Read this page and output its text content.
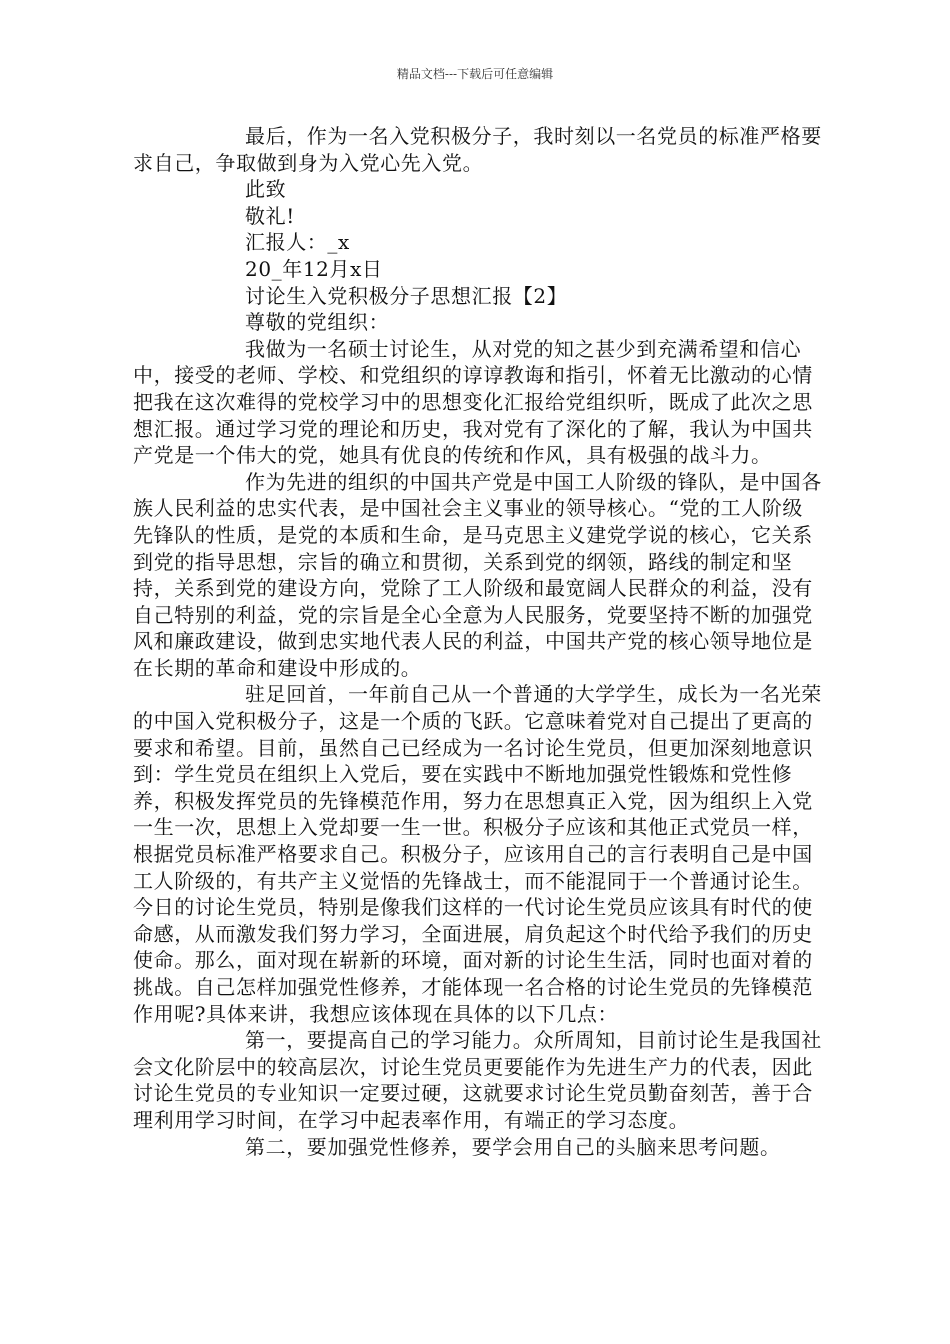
精品文档---下载后可任意编辑

最后，作为一名入党积极分子，我时刻以一名党员的标准严格要求自己，争取做到身为入党心先入党。

此致

敬礼!

汇报人：_x

20_年12月x日

讨论生入党积极分子思想汇报【2】

尊敬的党组织：

我做为一名硕士讨论生，从对党的知之甚少到充满希望和信心中，接受的老师、学校、和党组织的谆谆教诲和指引，怀着无比激动的心情把我在这次难得的党校学习中的思想变化汇报给党组织听，既成了此次之思想汇报。通过学习党的理论和历史，我对党有了深化的了解，我认为中国共产党是一个伟大的党，她具有优良的传统和作风，具有极强的战斗力。

作为先进的组织的中国共产党是中国工人阶级的锋队，是中国各族人民利益的忠实代表，是中国社会主义事业的领导核心。“党的工人阶级先锋队的性质，是党的本质和生命，是马克思主义建党学说的核心，它关系到党的指导思想，宗旨的确立和贯彻，关系到党的纲领，路线的制定和坚持，关系到党的建设方向，党除了工人阶级和最宽阔人民群众的利益，没有自己特别的利益，党的宗旨是全心全意为人民服务，党要坚持不断的加强党风和廉政建设，做到忠实地代表人民的利益，中国共产党的核心领导地位是在长期的革命和建设中形成的。

驻足回首，一年前自己从一个普通的大学学生，成长为一名光荣的中国入党积极分子，这是一个质的飞跃。它意味着党对自己提出了更高的要求和希望。目前，虽然自己已经成为一名讨论生党员，但更加深刻地意识到：学生党员在组织上入党后，要在实践中不断地加强党性锻炼和党性修养，积极发挥党员的先锋模范作用，努力在思想真正入党，因为组织上入党一生一次，思想上入党却要一生一世。积极分子应该和其他正式党员一样，根据党员标准严格要求自己。积极分子，应该用自己的言行表明自己是中国工人阶级的，有共产主义觉悟的先锋战士，而不能混同于一个普通讨论生。今日的讨论生党员，特别是像我们这样的一代讨论生党员应该具有时代的使命感，从而激发我们努力学习，全面进展，肩负起这个时代给予我们的历史使命。那么，面对现在崭新的环境，面对新的讨论生生活，同时也面对着的挑战。自己怎样加强党性修养，才能体现一名合格的讨论生党员的先锋模范作用呢?具体来讲，我想应该体现在具体的以下几点：

第一，要提高自己的学习能力。众所周知，目前讨论生是我国社会文化阶层中的较高层次，讨论生党员更要能作为先进生产力的代表，因此讨论生党员的专业知识一定要过硬，这就要求讨论生党员勤奋刻苦，善于合理利用学习时间，在学习中起表率作用，有端正的学习态度。

第二，要加强党性修养，要学会用自己的头脑来思考问题。
